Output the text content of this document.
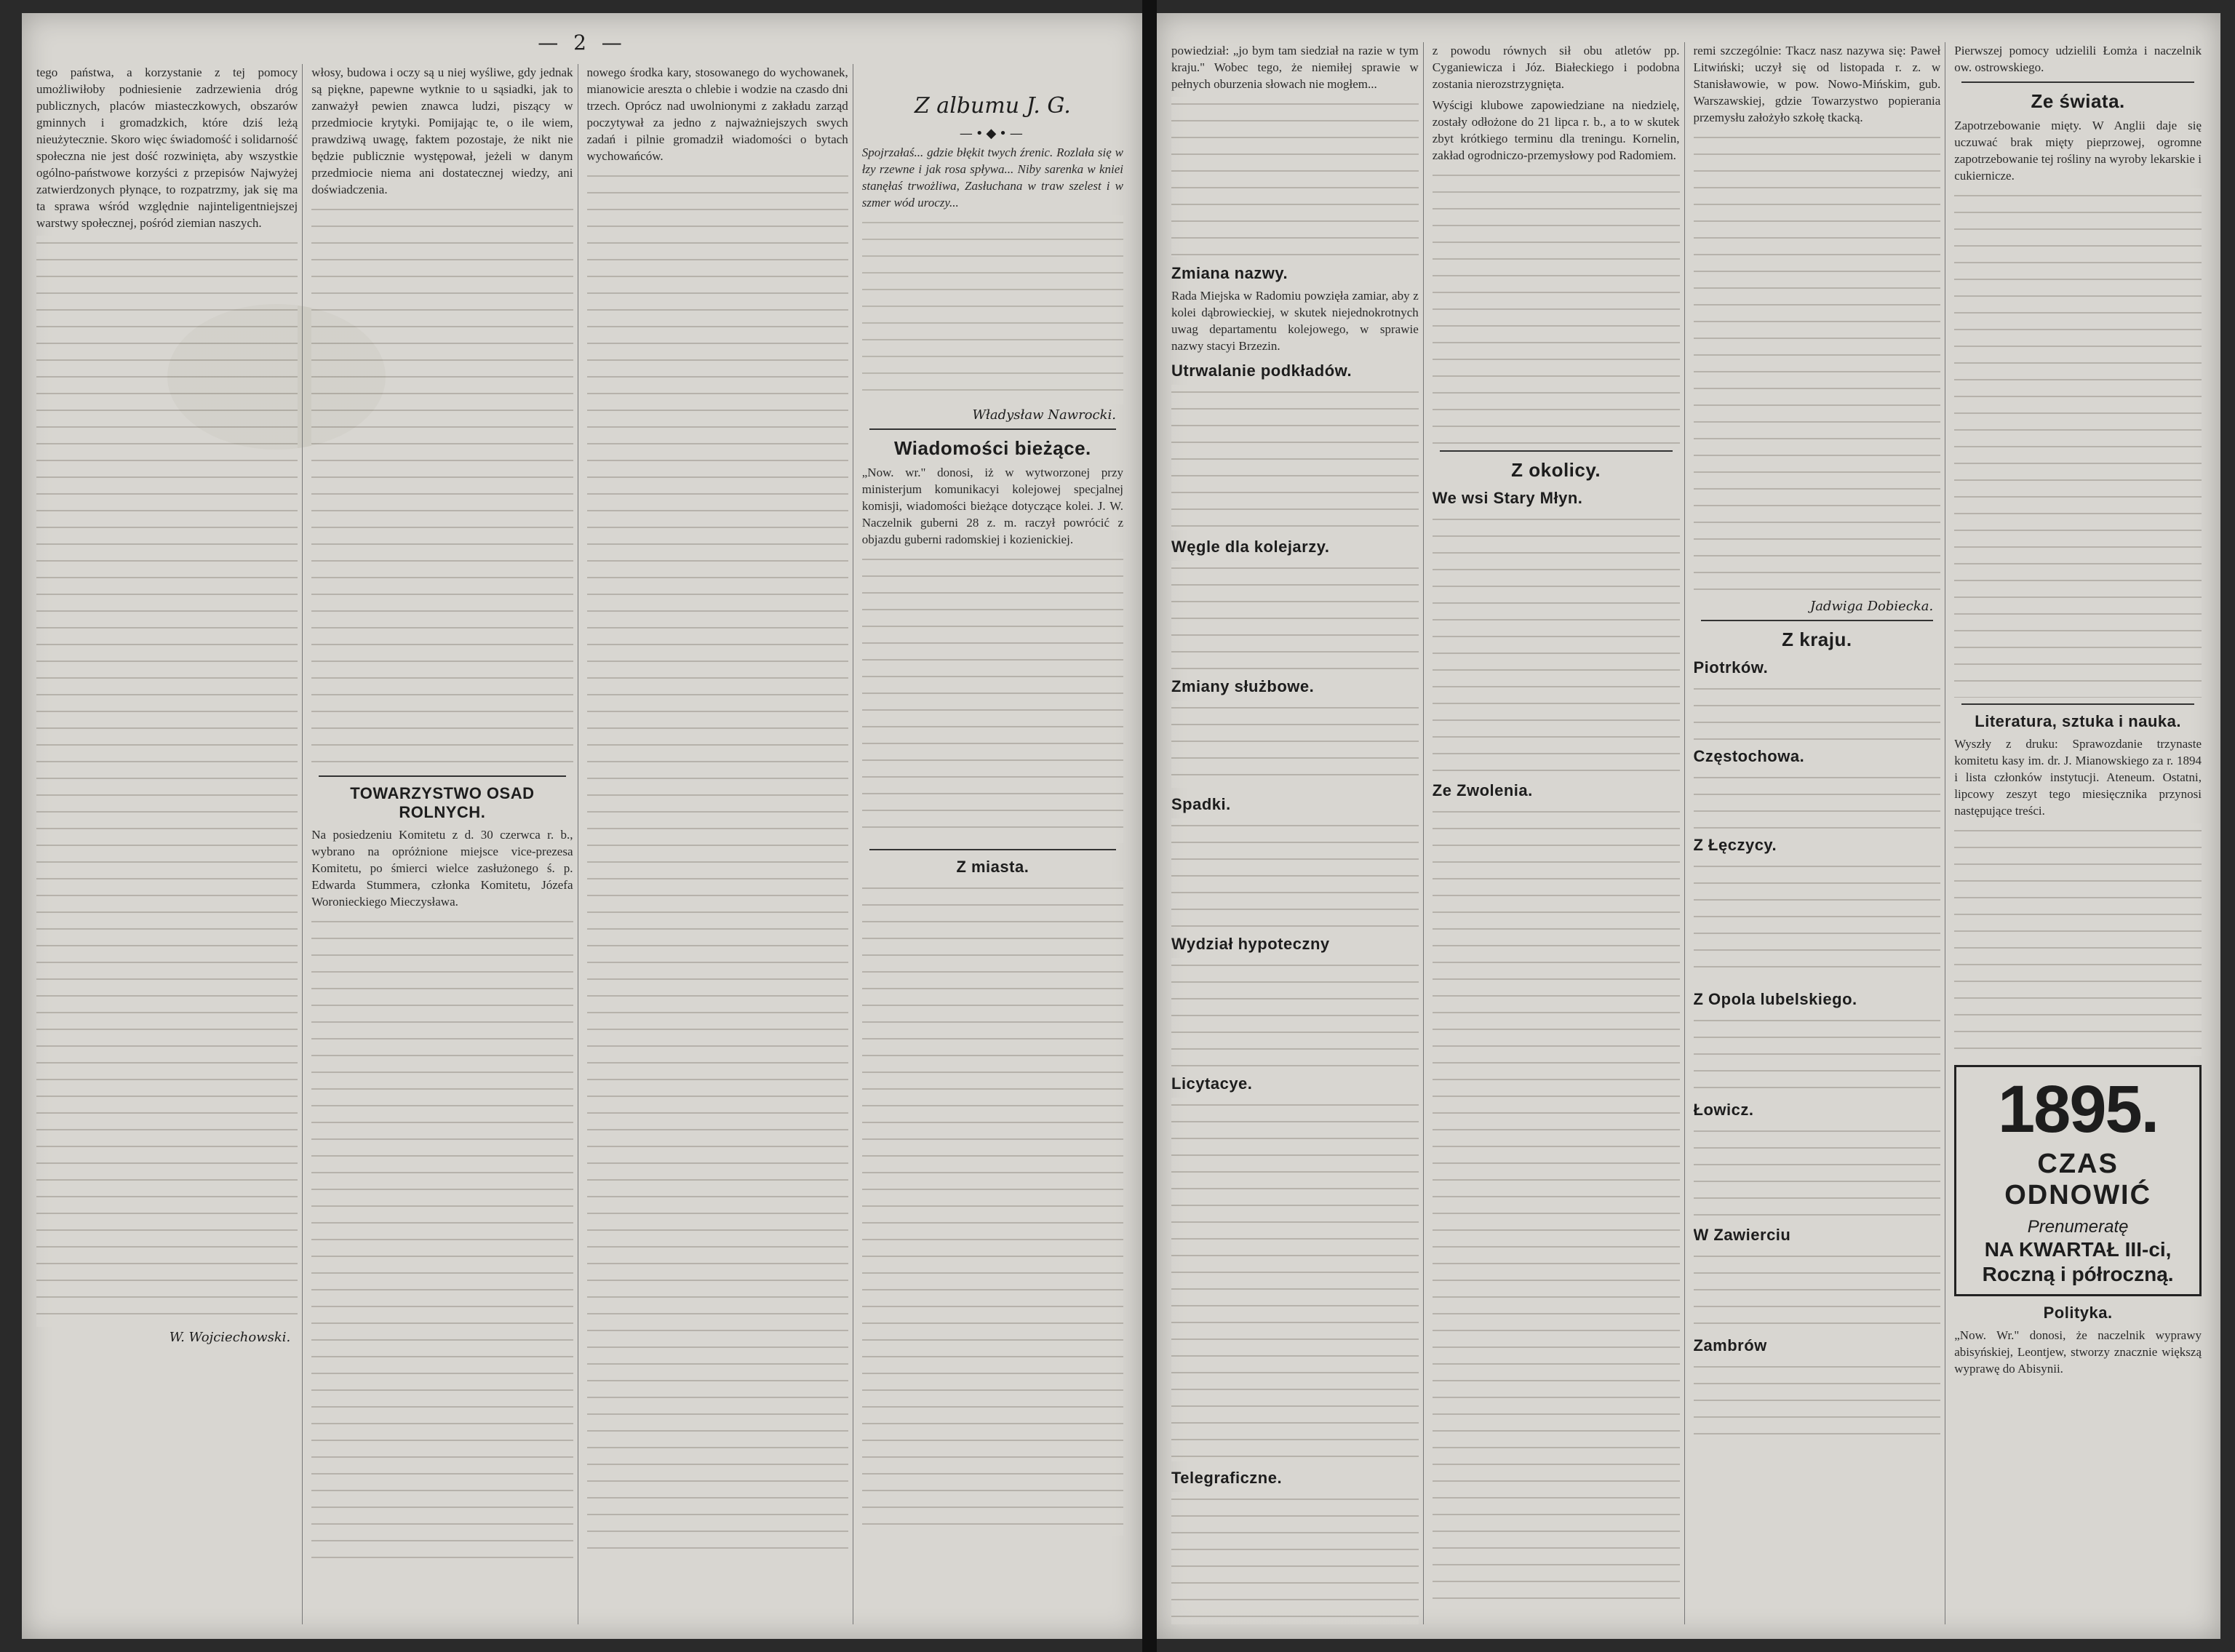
— 2 —

tego państwa, a korzystanie z tej pomocy umożliwiłoby podniesienie zadrzewienia dróg publicznych, placów miasteczkowych, obszarów gminnych i gromadzkich, które dziś leżą nieużytecznie. Skoro więc świadomość i solidarność społeczna nie jest dość rozwinięta, aby wszystkie ogólno-państwowe korzyści z przepisów Najwyżej zatwierdzonych płynące, to rozpatrzmy, jak się ma ta sprawa wśród względnie najinteligentniejszej warstwy społecznej, pośród ziemian naszych.

W. Wojciechowski.

włosy, budowa i oczy są u niej wyśliwe, gdy jednak są piękne, papewne wytknie to u sąsiadki, jak to zanważył pewien znawca ludzi, piszący w przedmiocie krytyki. Pomijając te, o ile wiem, prawdziwą uwagę, faktem pozostaje, że nikt nie będzie publicznie występował, jeżeli w danym przedmiocie niema ani dostatecznej wiedzy, ani doświadczenia.

TOWARZYSTWO OSAD ROLNYCH.

Na posiedzeniu Komitetu z d. 30 czerwca r. b., wybrano na opróżnione miejsce vice-prezesa Komitetu, po śmierci wielce zasłużonego ś. p. Edwarda Stummera, członka Komitetu, Józefa Woronieckiego Mieczysława.

nowego środka kary, stosowanego do wychowanek, mianowicie areszta o chlebie i wodzie na czasdo dni trzech. Oprócz nad uwolnionymi z zakładu zarząd poczytywał za jedno z najważniejszych swych zadań i pilnie gromadził wiadomości o bytach wychowańców.

Z albumu J. G.
—•◆•—

Spojrzałaś... gdzie błękit twych źrenic. Rozlała się w łzy rzewne i jak rosa spływa... Niby sarenka w kniei stanęłaś trwożliwa, Zasłuchana w traw szelest i w szmer wód uroczy...

Władysław Nawrocki.
Wiadomości bieżące.

„Now. wr." donosi, iż w wytworzonej przy ministerjum komunikacyi kolejowej specjalnej komisji, wiadomości bieżące dotyczące kolei. J. W. Naczelnik guberni 28 z. m. raczył powrócić z objazdu guberni radomskiej i kozienickiej.

Z miasta.

powiedział: „jo bym tam siedział na razie w tym kraju." Wobec tego, że niemiłej sprawie w pełnych oburzenia słowach nie mogłem...

Zmiana nazwy.

Rada Miejska w Radomiu powzięła zamiar, aby z kolei dąbrowieckiej, w skutek niejednokrotnych uwag departamentu kolejowego, w sprawie nazwy stacyi Brzezin.

Utrwalanie podkładów.
Węgle dla kolejarzy.
Zmiany służbowe.
Spadki.
Wydział hypoteczny
Licytacye.
Telegraficzne.

z powodu równych sił obu atletów pp. Cyganiewicza i Józ. Białeckiego i podobna zostania nierozstrzygnięta.

Wyścigi klubowe zapowiedziane na niedzielę, zostały odłożone do 21 lipca r. b., a to w skutek zbyt krótkiego terminu dla treningu. Kornelin, zakład ogrodniczo-przemysłowy pod Radomiem.

Z okolicy.
We wsi Stary Młyn.
Ze Zwolenia.

remi szczególnie: Tkacz nasz nazywa się: Paweł Litwiński; uczył się od listopada r. z. w Stanisławowie, w pow. Nowo-Mińskim, gub. Warszawskiej, gdzie Towarzystwo popierania przemysłu założyło szkołę tkacką.

Jadwiga Dobiecka.
Z kraju.
Piotrków.
Częstochowa.
Z Łęczycy.
Z Opola lubelskiego.
Łowicz.
W Zawierciu
Zambrów

Pierwszej pomocy udzielili Łomża i naczelnik ow. ostrowskiego.

Ze świata.

Zapotrzebowanie mięty. W Anglii daje się uczuwać brak mięty pieprzowej, ogromne zapotrzebowanie tej rośliny na wyroby lekarskie i cukiernicze.

Literatura, sztuka i nauka.

Wyszły z druku: Sprawozdanie trzynaste komitetu kasy im. dr. J. Mianowskiego za r. 1894 i lista członków instytucji. Ateneum. Ostatni, lipcowy zeszyt tego miesięcznika przynosi następujące treści.

1895.
CZAS ODNOWIĆ
Prenumeratę
NA KWARTAŁ III-ci,
Roczną i półroczną.
Polityka.

„Now. Wr." donosi, że naczelnik wyprawy abisyńskiej, Leontjew, stworzy znacznie większą wyprawę do Abisynii.
